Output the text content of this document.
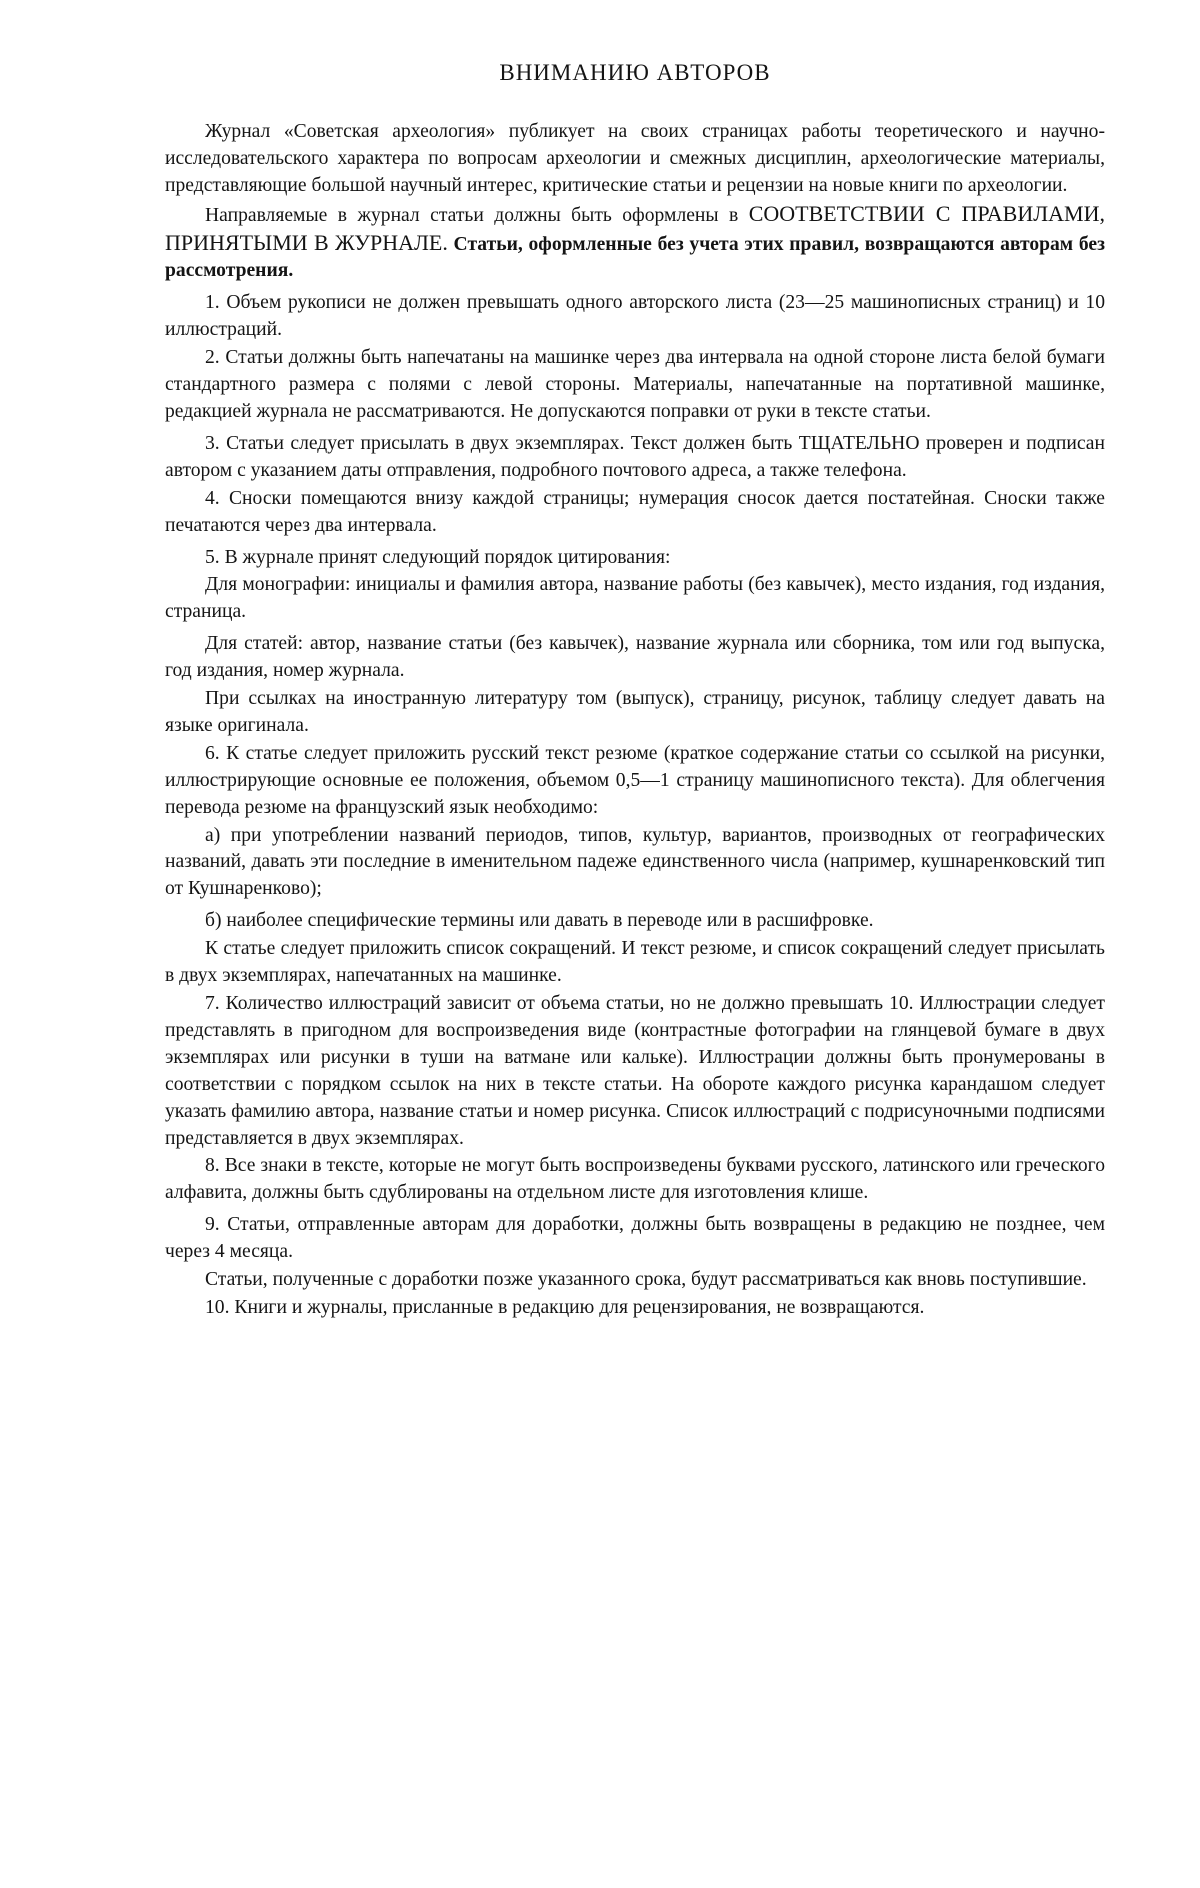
ВНИМАНИЮ АВТОРОВ

Журнал «Советская археология» публикует на своих страницах работы теоретического и научно-исследовательского характера по вопросам археологии и смежных дисциплин, археологические материалы, представляющие большой научный интерес, критические статьи и рецензии на новые книги по археологии.

Направляемые в журнал статьи должны быть оформлены в СООТВЕТСТВИИ С ПРАВИЛАМИ, ПРИНЯТЫМИ В ЖУРНАЛЕ. Статьи, оформленные без учета этих правил, возвращаются авторам без рассмотрения.

1. Объем рукописи не должен превышать одного авторского листа (23—25 машинописных страниц) и 10 иллюстраций.

2. Статьи должны быть напечатаны на машинке через два интервала на одной стороне листа белой бумаги стандартного размера с полями с левой стороны. Материалы, напечатанные на портативной машинке, редакцией журнала не рассматриваются. Не допускаются поправки от руки в тексте статьи.

3. Статьи следует присылать в двух экземплярах. Текст должен быть ТЩАТЕЛЬНО проверен и подписан автором с указанием даты отправления, подробного почтового адреса, а также телефона.

4. Сноски помещаются внизу каждой страницы; нумерация сносок дается постатейная. Сноски также печатаются через два интервала.

5. В журнале принят следующий порядок цитирования:

Для монографии: инициалы и фамилия автора, название работы (без кавычек), место издания, год издания, страница.

Для статей: автор, название статьи (без кавычек), название журнала или сборника, том или год выпуска, год издания, номер журнала.

При ссылках на иностранную литературу том (выпуск), страницу, рисунок, таблицу следует давать на языке оригинала.

6. К статье следует приложить русский текст резюме (краткое содержание статьи со ссылкой на рисунки, иллюстрирующие основные ее положения, объемом 0,5—1 страницу машинописного текста). Для облегчения перевода резюме на французский язык необходимо:

а) при употреблении названий периодов, типов, культур, вариантов, производных от географических названий, давать эти последние в именительном падеже единственного числа (например, кушнаренковский тип от Кушнаренково);

б) наиболее специфические термины или давать в переводе или в расшифровке.

К статье следует приложить список сокращений. И текст резюме, и список сокращений следует присылать в двух экземплярах, напечатанных на машинке.

7. Количество иллюстраций зависит от объема статьи, но не должно превышать 10. Иллюстрации следует представлять в пригодном для воспроизведения виде (контрастные фотографии на глянцевой бумаге в двух экземплярах или рисунки в туши на ватмане или кальке). Иллюстрации должны быть пронумерованы в соответствии с порядком ссылок на них в тексте статьи. На обороте каждого рисунка карандашом следует указать фамилию автора, название статьи и номер рисунка. Список иллюстраций с подрисуночными подписями представляется в двух экземплярах.

8. Все знаки в тексте, которые не могут быть воспроизведены буквами русского, латинского или греческого алфавита, должны быть сдублированы на отдельном листе для изготовления клише.

9. Статьи, отправленные авторам для доработки, должны быть возвращены в редакцию не позднее, чем через 4 месяца.

Статьи, полученные с доработки позже указанного срока, будут рассматриваться как вновь поступившие.

10. Книги и журналы, присланные в редакцию для рецензирования, не возвращаются.
